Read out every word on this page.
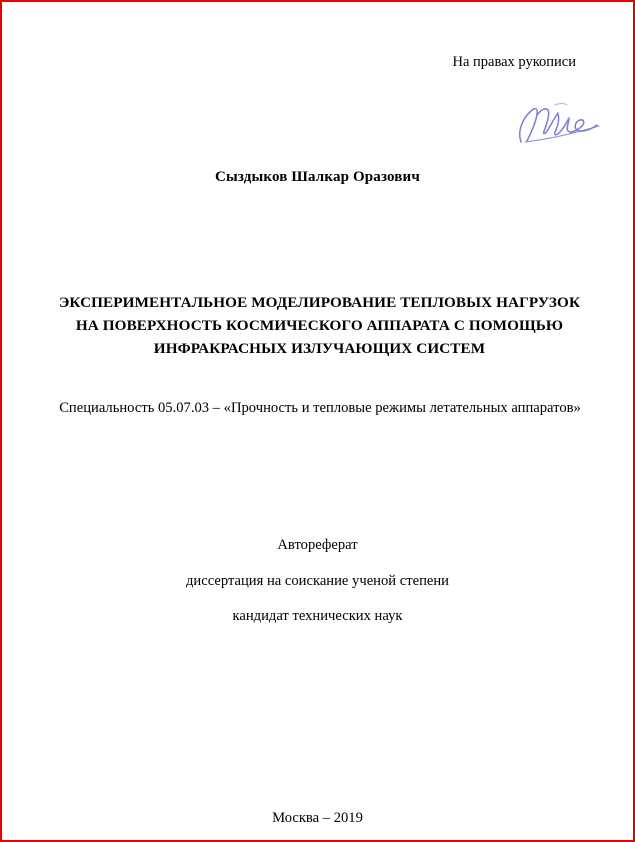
На правах рукописи
Сыздыков Шалкар Оразович
ЭКСПЕРИМЕНТАЛЬНОЕ МОДЕЛИРОВАНИЕ ТЕПЛОВЫХ НАГРУЗОК НА ПОВЕРХНОСТЬ КОСМИЧЕСКОГО АППАРАТА С ПОМОЩЬЮ ИНФРАКРАСНЫХ ИЗЛУЧАЮЩИХ СИСТЕМ
Специальность 05.07.03 – «Прочность и тепловые режимы летательных аппаратов»

Автореферат

диссертация на соискание ученой степени

кандидат технических наук

Москва – 2019
